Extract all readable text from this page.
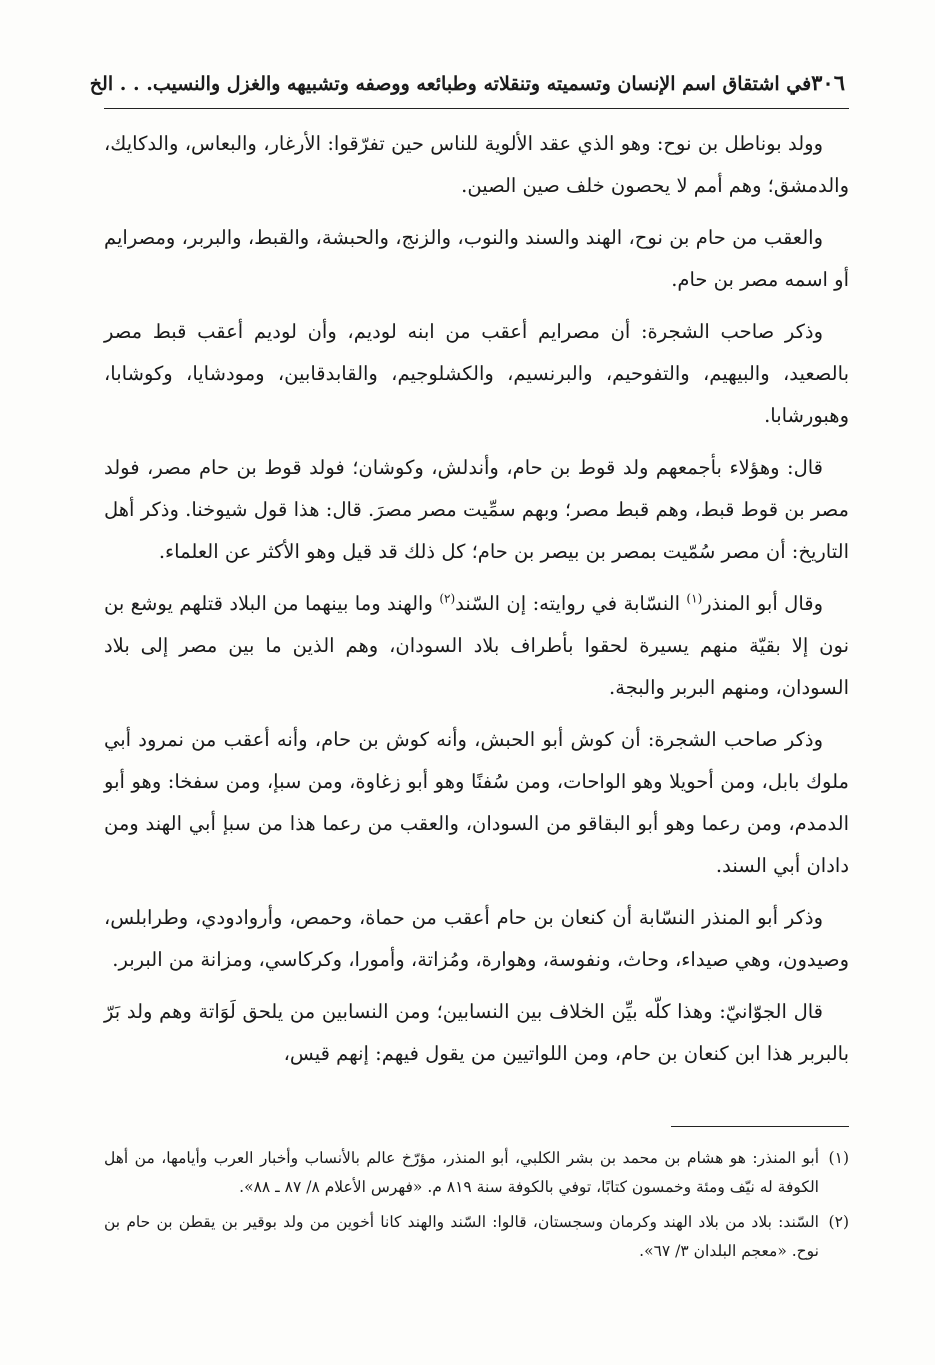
٣٠٦
في اشتقاق اسم الإنسان وتسميته وتنقلاته وطبائعه ووصفه وتشبيهه والغزل والنسيب. . . الخ

وولد بوناطل بن نوح: وهو الذي عقد الألوية للناس حين تفرّقوا: الأرغار، والبعاس، والدكايك، والدمشق؛ وهم أمم لا يحصون خلف صين الصين.

والعقب من حام بن نوح، الهند والسند والنوب، والزنج، والحبشة، والقبط، والبربر، ومصرايم أو اسمه مصر بن حام.

وذكر صاحب الشجرة: أن مصرايم أعقب من ابنه لوديم، وأن لوديم أعقب قبط مصر بالصعيد، والبيهيم، والتفوحيم، والبرنسيم، والكشلوجيم، والقابدقابين، ومودشايا، وكوشابا، وهبورشابا.

قال: وهؤلاء بأجمعهم ولد قوط بن حام، وأندلش، وكوشان؛ فولد قوط بن حام مصر، فولد مصر بن قوط قبط، وهم قبط مصر؛ وبهم سمِّيت مصر مصرَ. قال: هذا قول شيوخنا. وذكر أهل التاريخ: أن مصر سُمّيت بمصر بن بيصر بن حام؛ كل ذلك قد قيل وهو الأكثر عن العلماء.

وقال أبو المنذر$^{(١)}$ النسّابة في روايته: إن السّند$^{(٢)}$ والهند وما بينهما من البلاد قتلهم يوشع بن نون إلا بقيّة منهم يسيرة لحقوا بأطراف بلاد السودان، وهم الذين ما بين مصر إلى بلاد السودان، ومنهم البربر والبجة.

وذكر صاحب الشجرة: أن كوش أبو الحبش، وأنه كوش بن حام، وأنه أعقب من نمرود أبي ملوك بابل، ومن أحويلا وهو الواحات، ومن سُفنًا وهو أبو زغاوة، ومن سبإ، ومن سفخا: وهو أبو الدمدم، ومن رعما وهو أبو البقاقو من السودان، والعقب من رعما هذا من سبإ أبي الهند ومن دادان أبي السند.

وذكر أبو المنذر النسّابة أن كنعان بن حام أعقب من حماة، وحمص، وأروادودي، وطرابلس، وصيدون، وهي صيداء، وحاث، ونفوسة، وهوارة، ومُزاتة، وأمورا، وكركاسي، ومزانة من البربر.

قال الجوّانيّ: وهذا كلّه بيِّن الخلاف بين النسابين؛ ومن النسابين من يلحق لَوَاتة وهم ولد بَرّ بالبربر هذا ابن كنعان بن حام، ومن اللواتيين من يقول فيهم: إنهم قيس،

(١)
أبو المنذر: هو هشام بن محمد بن بشر الكلبي، أبو المنذر، مؤرّخ عالم بالأنساب وأخبار العرب وأيامها، من أهل الكوفة له نيّف ومئة وخمسون كتابًا، توفي بالكوفة سنة ٨١٩ م. «فهرس الأعلام ٨/ ٨٧ ـ ٨٨».
(٢)
السّند: بلاد من بلاد الهند وكرمان وسجستان، قالوا: السّند والهند كانا أخوين من ولد بوقير بن يقطن بن حام بن نوح. «معجم البلدان ٣/ ٦٧».
